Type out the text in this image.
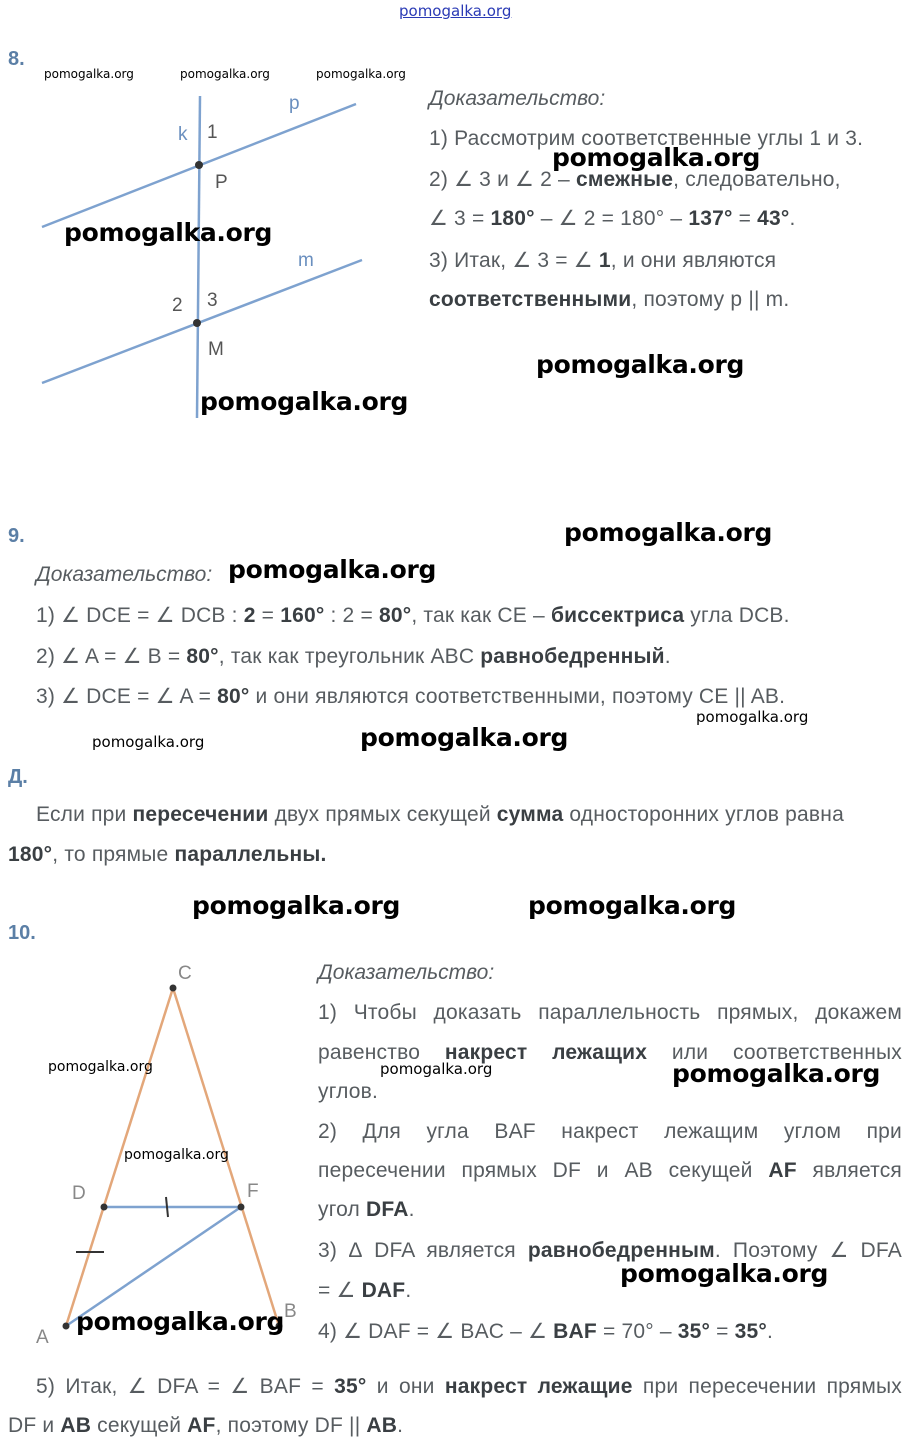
pomogalka.org
8.
pomogalka.org	pomogalka.org	pomogalka.org
k 1
p
P
m
2 3
M
Доказательство:
1) Рассмотрим соответственные углы 1 и 3.
2) ∠ 3 и ∠ 2 – смежные, следовательно,
∠ 3 = 180° – ∠ 2 = 180° – 137° = 43°.
3) Итак, ∠ 3 = ∠ 1, и они являются
соответственными, поэтому p || m.
pomogalka.org
pomogalka.org
pomogalka.org
pomogalka.org
9.	pomogalka.org
Доказательство: pomogalka.org
1) ∠ DCE = ∠ DCB : 2 = 160° : 2 = 80°, так как CE – биссектриса угла DCB.
2) ∠ A = ∠ B = 80°, так как треугольник ABC равнобедренный.
3) ∠ DCE = ∠ A = 80° и они являются соответственными, поэтому CE || AB.
pomogalka.org
pomogalka.org	pomogalka.org
Д.
Если при пересечении двух прямых секущей сумма односторонних углов равна
180°, то прямые параллельны.
pomogalka.org	pomogalka.org
10.
C
D	F
A
B
pomogalka.org
pomogalka.org
pomogalka.org
Доказательство:
1) Чтобы доказать параллельность прямых, докажем
равенство накрест лежащих или соответственных
углов.
pomogalka.org	pomogalka.org
2) Для угла BAF накрест лежащим углом при
пересечении прямых DF и AB секущей AF является
угол DFA.
3) ∆ DFA является равнобедренным. Поэтому ∠ DFA
= ∠ DAF.
pomogalka.org
4) ∠ DAF = ∠ BAC – ∠ BAF = 70° – 35° = 35°.
5) Итак, ∠ DFA = ∠ BAF = 35° и они накрест лежащие при пересечении прямых
DF и AB секущей AF, поэтому DF || AB.
